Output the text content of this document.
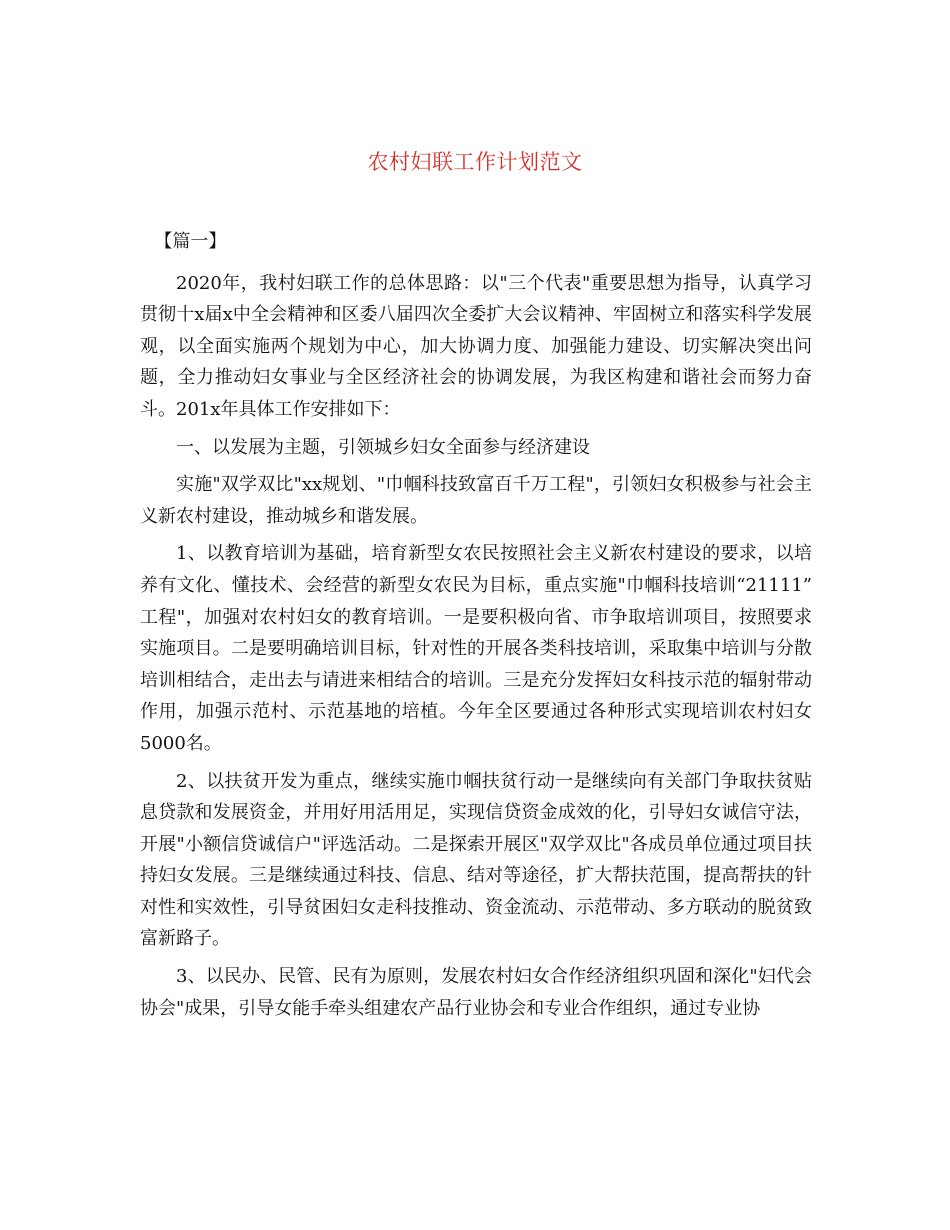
农村妇联工作计划范文

【篇一】

2020年，我村妇联工作的总体思路：以"三个代表"重要思想为指导，认真学习贯彻十x届x中全会精神和区委八届四次全委扩大会议精神、牢固树立和落实科学发展观，以全面实施两个规划为中心，加大协调力度、加强能力建设、切实解决突出问题，全力推动妇女事业与全区经济社会的协调发展，为我区构建和谐社会而努力奋斗。201x年具体工作安排如下：

一、以发展为主题，引领城乡妇女全面参与经济建设

实施"双学双比"xx规划、"巾帼科技致富百千万工程"，引领妇女积极参与社会主义新农村建设，推动城乡和谐发展。

1、以教育培训为基础，培育新型女农民按照社会主义新农村建设的要求，以培养有文化、懂技术、会经营的新型女农民为目标，重点实施"巾帼科技培训“21111” 工程"，加强对农村妇女的教育培训。一是要积极向省、市争取培训项目，按照要求实施项目。二是要明确培训目标，针对性的开展各类科技培训，采取集中培训与分散培训相结合，走出去与请进来相结合的培训。三是充分发挥妇女科技示范的辐射带动作用，加强示范村、示范基地的培植。今年全区要通过各种形式实现培训农村妇女5000名。

2、以扶贫开发为重点，继续实施巾帼扶贫行动一是继续向有关部门争取扶贫贴息贷款和发展资金，并用好用活用足，实现信贷资金成效的化，引导妇女诚信守法，开展"小额信贷诚信户"评选活动。二是探索开展区"双学双比"各成员单位通过项目扶持妇女发展。三是继续通过科技、信息、结对等途径，扩大帮扶范围，提高帮扶的针对性和实效性，引导贫困妇女走科技推动、资金流动、示范带动、多方联动的脱贫致富新路子。

3、以民办、民管、民有为原则，发展农村妇女合作经济组织巩固和深化"妇代会协会"成果，引导女能手牵头组建农产品行业协会和专业合作组织，通过专业协
